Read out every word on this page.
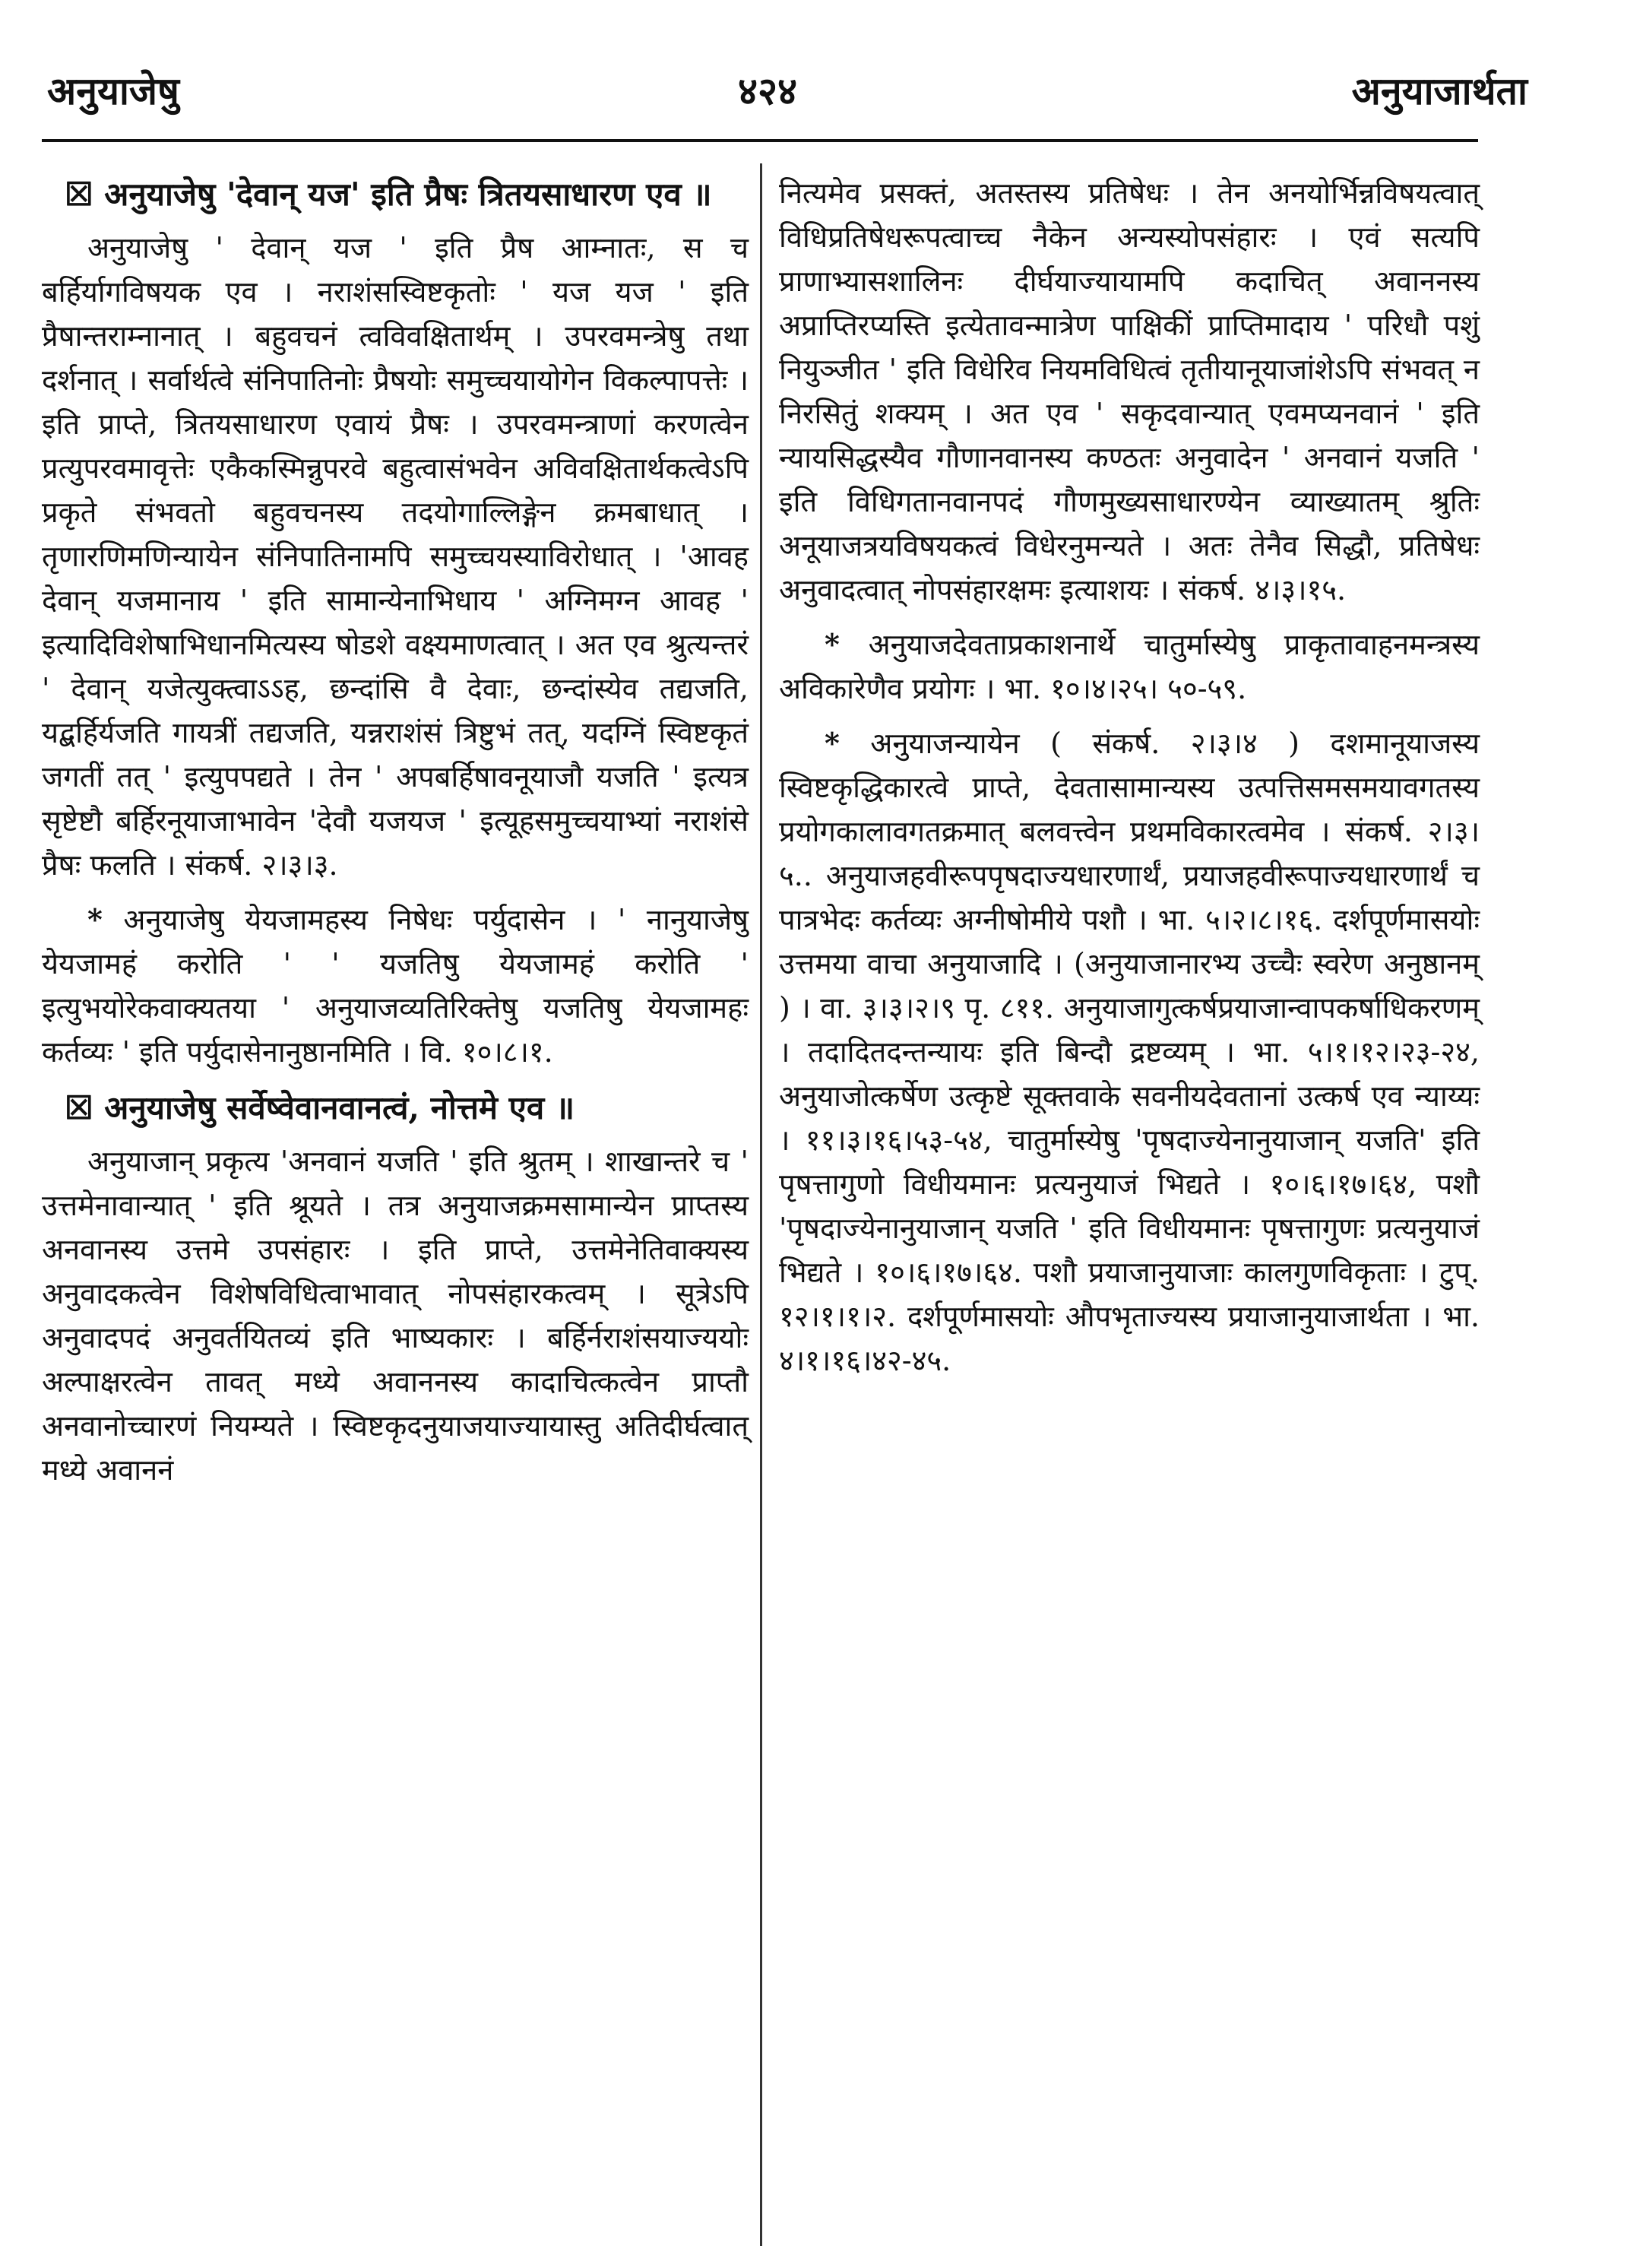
अनुयाजेषु	४२४	अनुयाजार्थता
☒ अनुयाजेषु 'देवान् यज' इति प्रैषः त्रितयसाधारण एव ॥

अनुयाजेषु ' देवान् यज ' इति प्रैष आम्नातः, स च बर्हिर्यागविषयक एव । नराशंसस्विष्टकृतोः ' यज यज ' इति प्रैषान्तराम्नानात् । बहुवचनं त्वविवक्षितार्थम् । उपरवमन्त्रेषु तथा दर्शनात् । सर्वार्थत्वे संनिपातिनोः प्रैषयोः समुच्चयायोगेन विकल्पापत्तेः । इति प्राप्ते, त्रितयसाधारण एवायं प्रैषः । उपरवमन्त्राणां करणत्वेन प्रत्युपरवमावृत्तेः एकैकस्मिन्नुपरवे बहुत्वासंभवेन अविवक्षितार्थकत्वेऽपि प्रकृते संभवतो बहुवचनस्य तदयोगाल्लिङ्गेन क्रमबाधात् । तृणारणिमणिन्यायेन संनिपातिनामपि समुच्चयस्याविरोधात् । 'आवह देवान् यजमानाय ' इति सामान्येनाभिधाय ' अग्निमग्न आवह ' इत्यादिविशेषाभिधानमित्यस्य षोडशे वक्ष्यमाणत्वात् । अत एव श्रुत्यन्तरं ' देवान् यजेत्युक्त्वाऽऽह, छन्दांसि वै देवाः, छन्दांस्येव तद्यजति, यद्बर्हिर्यजति गायत्रीं तद्यजति, यन्नराशंसं त्रिष्टुभं तत्, यदग्निं स्विष्टकृतं जगतीं तत् ' इत्युपपद्यते । तेन ' अपबर्हिषावनूयाजौ यजति ' इत्यत्र सृष्टेष्टौ बर्हिरनूयाजाभावेन 'देवौ यजयज ' इत्यूहसमुच्चयाभ्यां नराशंसे प्रैषः फलति । संकर्ष. २।३।३.

* अनुयाजेषु येयजामहस्य निषेधः पर्युदासेन । ' नानुयाजेषु येयजामहं करोति ' ' यजतिषु येयजामहं करोति ' इत्युभयोरेकवाक्यतया ' अनुयाजव्यतिरिक्तेषु यजतिषु येयजामहः कर्तव्यः ' इति पर्युदासेनानुष्ठानमिति । वि. १०।८।१.

☒ अनुयाजेषु सर्वेष्वेवानवानत्वं, नोत्तमे एव ॥

अनुयाजान् प्रकृत्य 'अनवानं यजति ' इति श्रुतम् । शाखान्तरे च ' उत्तमेनावान्यात् ' इति श्रूयते । तत्र अनुयाजक्रमसामान्येन प्राप्तस्य अनवानस्य उत्तमे उपसंहारः । इति प्राप्ते, उत्तमेनेतिवाक्यस्य अनुवादकत्वेन विशेषविधित्वाभावात् नोपसंहारकत्वम् । सूत्रेऽपि अनुवादपदं अनुवर्तयितव्यं इति भाष्यकारः । बर्हिर्नराशंसयाज्ययोः अल्पाक्षरत्वेन तावत् मध्ये अवाननस्य कादाचित्कत्वेन प्राप्तौ अनवानोच्चारणं नियम्यते । स्विष्टकृदनुयाजयाज्यायास्तु अतिदीर्घत्वात् मध्ये अवाननं

नित्यमेव प्रसक्तं, अतस्तस्य प्रतिषेधः । तेन अनयोर्भिन्नविषयत्वात् विधिप्रतिषेधरूपत्वाच्च नैकेन अन्यस्योपसंहारः । एवं सत्यपि प्राणाभ्यासशालिनः दीर्घयाज्यायामपि कदाचित् अवाननस्य अप्राप्तिरप्यस्ति इत्येतावन्मात्रेण पाक्षिकीं प्राप्तिमादाय ' परिधौ पशुं नियुञ्जीत ' इति विधेरिव नियमविधित्वं तृतीयानूयाजांशेऽपि संभवत् न निरसितुं शक्यम् । अत एव ' सकृदवान्यात् एवमप्यनवानं ' इति न्यायसिद्धस्यैव गौणानवानस्य कण्ठतः अनुवादेन ' अनवानं यजति ' इति विधिगतानवानपदं गौणमुख्यसाधारण्येन व्याख्यातम् श्रुतिः अनूयाजत्रयविषयकत्वं विधेरनुमन्यते । अतः तेनैव सिद्धौ, प्रतिषेधः अनुवादत्वात् नोपसंहारक्षमः इत्याशयः । संकर्ष. ४।३।१५.

* अनुयाजदेवताप्रकाशनार्थे चातुर्मास्येषु प्राकृतावाहनमन्त्रस्य अविकारेणैव प्रयोगः । भा. १०।४।२५। ५०-५९.

* अनुयाजन्यायेन ( संकर्ष. २।३।४ ) दशमानूयाजस्य स्विष्टकृद्धिकारत्वे प्राप्ते, देवतासामान्यस्य उत्पत्तिसमसमयावगतस्य प्रयोगकालावगतक्रमात् बलवत्त्वेन प्रथमविकारत्वमेव । संकर्ष. २।३।५.. अनुयाजहवीरूपपृषदाज्यधारणार्थं, प्रयाजहवीरूपाज्यधारणार्थं च पात्रभेदः कर्तव्यः अग्नीषोमीये पशौ । भा. ५।२।८।१६. दर्शपूर्णमासयोः उत्तमया वाचा अनुयाजादि । (अनुयाजानारभ्य उच्चैः स्वरेण अनुष्ठानम् ) । वा. ३।३।२।९ पृ. ८११. अनुयाजागुत्कर्षप्रयाजान्वापकर्षाधिकरणम् । तदादितदन्तन्यायः इति बिन्दौ द्रष्टव्यम् । भा. ५।१।१२।२३-२४, अनुयाजोत्कर्षेण उत्कृष्टे सूक्तवाके सवनीयदेवतानां उत्कर्ष एव न्याय्यः । ११।३।१६।५३-५४, चातुर्मास्येषु 'पृषदाज्येनानुयाजान् यजति' इति पृषत्तागुणो विधीयमानः प्रत्यनुयाजं भिद्यते । १०।६।१७।६४, पशौ 'पृषदाज्येनानुयाजान् यजति ' इति विधीयमानः पृषत्तागुणः प्रत्यनुयाजं भिद्यते । १०।६।१७।६४. पशौ प्रयाजानुयाजाः कालगुणविकृताः । टुप्. १२।१।१।२. दर्शपूर्णमासयोः औपभृताज्यस्य प्रयाजानुयाजार्थता । भा. ४।१।१६।४२-४५.
